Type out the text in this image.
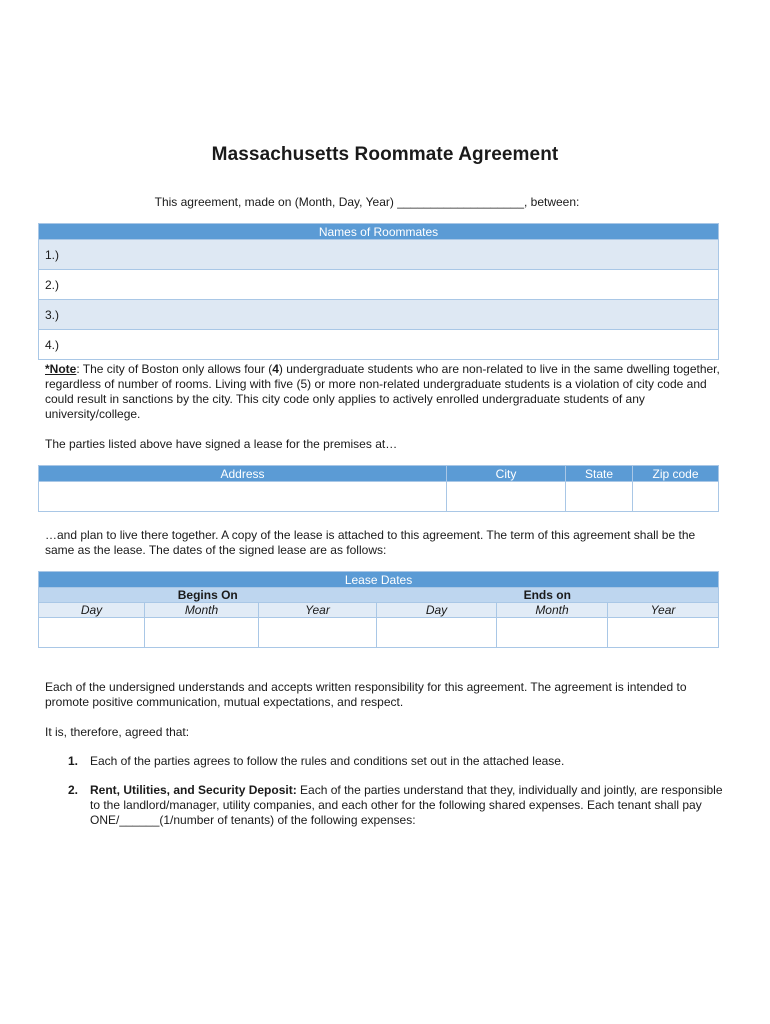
Massachusetts Roommate Agreement
This agreement, made on (Month, Day, Year) ___________________, between:
Names of Roommates
1.)
2.)
3.)
4.)
*Note: The city of Boston only allows four (4) undergraduate students who are non-related to live in the same dwelling together, regardless of number of rooms. Living with five (5) or more non-related undergraduate students is a violation of city code and could result in sanctions by the city. This city code only applies to actively enrolled undergraduate students of any university/college.
The parties listed above have signed a lease for the premises at…
Address	City	State	Zip code

…and plan to live there together. A copy of the lease is attached to this agreement. The term of this agreement shall be the same as the lease. The dates of the signed lease are as follows:
Lease Dates					
Begins On			Ends on		
Day	Month	Year	Day	Month	Year

Each of the undersigned understands and accepts written responsibility for this agreement. The agreement is intended to promote positive communication, mutual expectations, and respect.
It is, therefore, agreed that:
1. Each of the parties agrees to follow the rules and conditions set out in the attached lease.
2. Rent, Utilities, and Security Deposit: Each of the parties understand that they, individually and jointly, are responsible to the landlord/manager, utility companies, and each other for the following shared expenses. Each tenant shall pay ONE/______(1/number of tenants) of the following expenses:
